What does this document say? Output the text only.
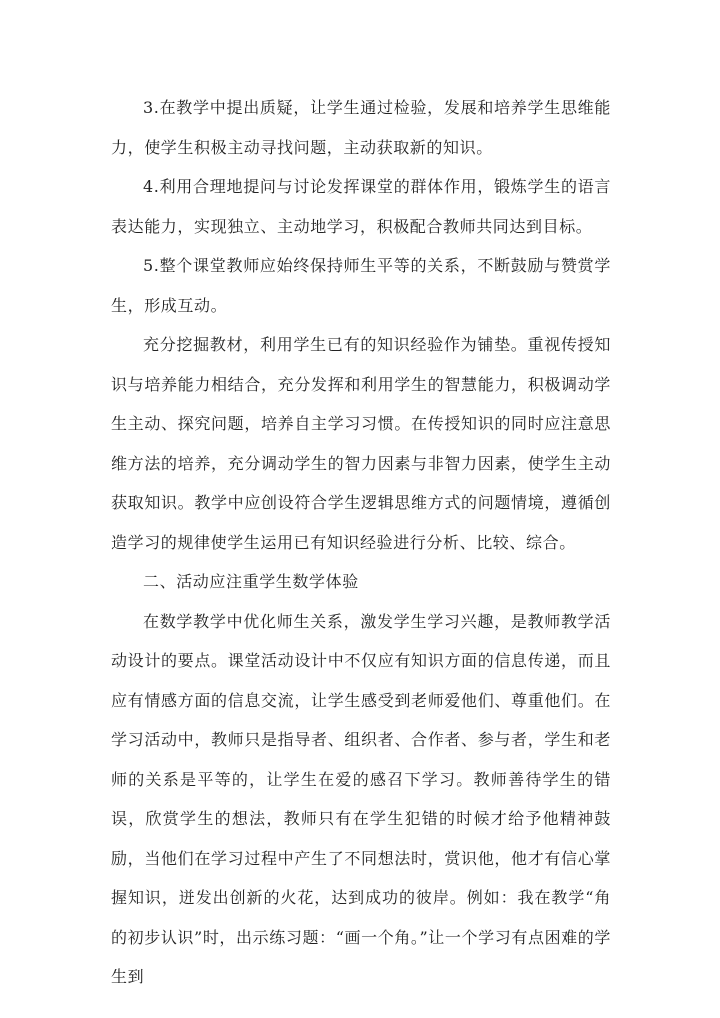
3.在教学中提出质疑，让学生通过检验，发展和培养学生思维能力，使学生积极主动寻找问题，主动获取新的知识。

4.利用合理地提问与讨论发挥课堂的群体作用，锻炼学生的语言表达能力，实现独立、主动地学习，积极配合教师共同达到目标。

5.整个课堂教师应始终保持师生平等的关系，不断鼓励与赞赏学生，形成互动。

充分挖掘教材，利用学生已有的知识经验作为铺垫。重视传授知识与培养能力相结合，充分发挥和利用学生的智慧能力，积极调动学生主动、探究问题，培养自主学习习惯。在传授知识的同时应注意思维方法的培养，充分调动学生的智力因素与非智力因素，使学生主动获取知识。教学中应创设符合学生逻辑思维方式的问题情境，遵循创造学习的规律使学生运用已有知识经验进行分析、比较、综合。

二、活动应注重学生数学体验

在数学教学中优化师生关系，激发学生学习兴趣，是教师教学活动设计的要点。课堂活动设计中不仅应有知识方面的信息传递，而且应有情感方面的信息交流，让学生感受到老师爱他们、尊重他们。在学习活动中，教师只是指导者、组织者、合作者、参与者，学生和老师的关系是平等的，让学生在爱的感召下学习。教师善待学生的错误，欣赏学生的想法，教师只有在学生犯错的时候才给予他精神鼓励，当他们在学习过程中产生了不同想法时，赏识他，他才有信心掌握知识，迸发出创新的火花，达到成功的彼岸。例如：我在教学“角的初步认识”时，出示练习题：“画一个角。”让一个学习有点困难的学生到
